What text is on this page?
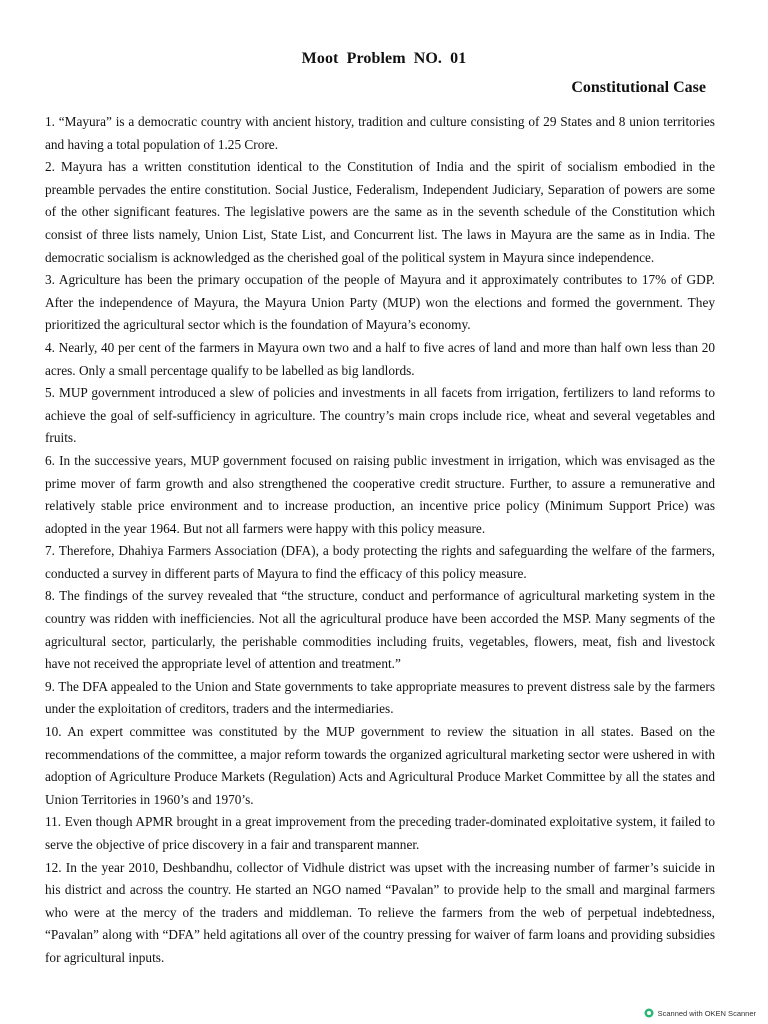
Moot Problem NO. 01
Constitutional Case

1. “Mayura” is a democratic country with ancient history, tradition and culture consisting of 29 States and 8 union territories and having a total population of 1.25 Crore.

2. Mayura has a written constitution identical to the Constitution of India and the spirit of socialism embodied in the preamble pervades the entire constitution. Social Justice, Federalism, Independent Judiciary, Separation of powers are some of the other significant features. The legislative powers are the same as in the seventh schedule of the Constitution which consist of three lists namely, Union List, State List, and Concurrent list. The laws in Mayura are the same as in India. The democratic socialism is acknowledged as the cherished goal of the political system in Mayura since independence.

3. Agriculture has been the primary occupation of the people of Mayura and it approximately contributes to 17% of GDP. After the independence of Mayura, the Mayura Union Party (MUP) won the elections and formed the government. They prioritized the agricultural sector which is the foundation of Mayura’s economy.

4. Nearly, 40 per cent of the farmers in Mayura own two and a half to five acres of land and more than half own less than 20 acres. Only a small percentage qualify to be labelled as big landlords.

5. MUP government introduced a slew of policies and investments in all facets from irrigation, fertilizers to land reforms to achieve the goal of self-sufficiency in agriculture. The country’s main crops include rice, wheat and several vegetables and fruits.

6. In the successive years, MUP government focused on raising public investment in irrigation, which was envisaged as the prime mover of farm growth and also strengthened the cooperative credit structure. Further, to assure a remunerative and relatively stable price environment and to increase production, an incentive price policy (Minimum Support Price) was adopted in the year 1964. But not all farmers were happy with this policy measure.

7. Therefore, Dhahiya Farmers Association (DFA), a body protecting the rights and safeguarding the welfare of the farmers, conducted a survey in different parts of Mayura to find the efficacy of this policy measure.

8. The findings of the survey revealed that “the structure, conduct and performance of agricultural marketing system in the country was ridden with inefficiencies. Not all the agricultural produce have been accorded the MSP. Many segments of the agricultural sector, particularly, the perishable commodities including fruits, vegetables, flowers, meat, fish and livestock have not received the appropriate level of attention and treatment.”

9. The DFA appealed to the Union and State governments to take appropriate measures to prevent distress sale by the farmers under the exploitation of creditors, traders and the intermediaries.

10. An expert committee was constituted by the MUP government to review the situation in all states. Based on the recommendations of the committee, a major reform towards the organized agricultural marketing sector were ushered in with adoption of Agriculture Produce Markets (Regulation) Acts and Agricultural Produce Market Committee by all the states and Union Territories in 1960’s and 1970’s.

11. Even though APMR brought in a great improvement from the preceding trader-dominated exploitative system, it failed to serve the objective of price discovery in a fair and transparent manner.

12. In the year 2010, Deshbandhu, collector of Vidhule district was upset with the increasing number of farmer’s suicide in his district and across the country. He started an NGO named “Pavalan” to provide help to the small and marginal farmers who were at the mercy of the traders and middleman. To relieve the farmers from the web of perpetual indebtedness, “Pavalan” along with “DFA” held agitations all over of the country pressing for waiver of farm loans and providing subsidies for agricultural inputs.

Scanned with OKEN Scanner
